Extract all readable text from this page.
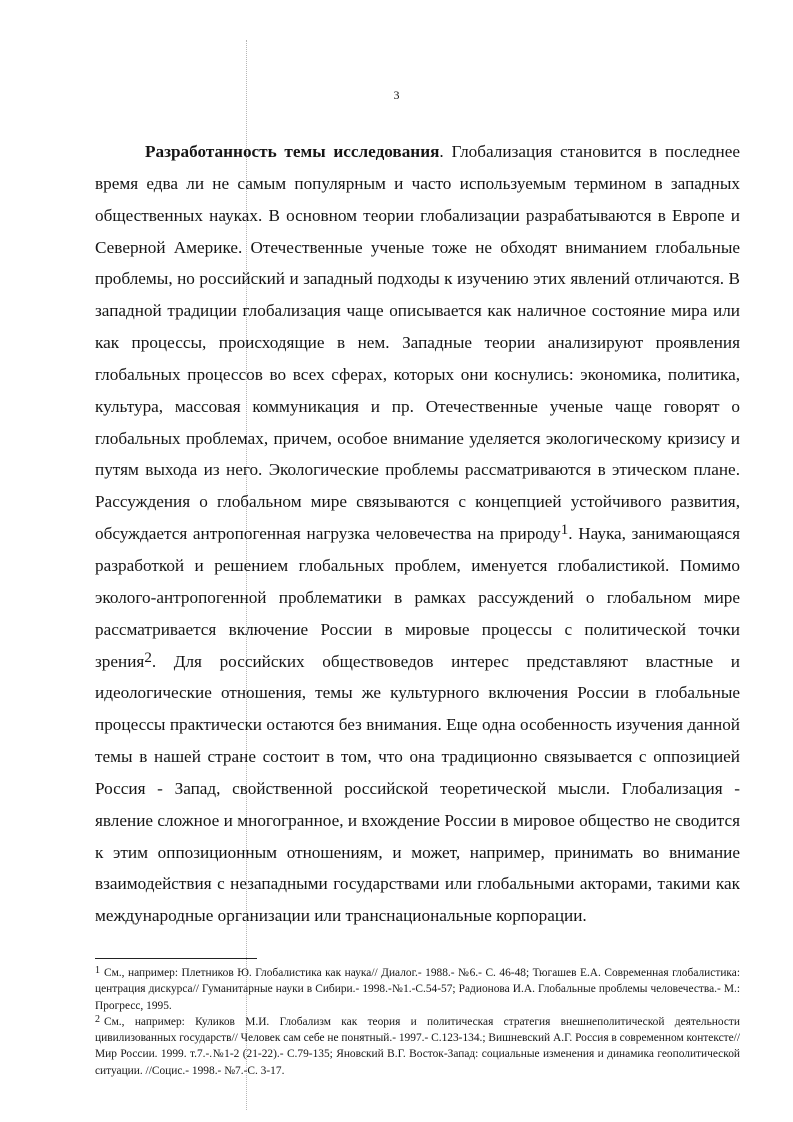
3

Разработанность темы исследования. Глобализация становится в последнее время едва ли не самым популярным и часто используемым термином в западных общественных науках. В основном теории глобализации разрабатываются в Европе и Северной Америке. Отечественные ученые тоже не обходят вниманием глобальные проблемы, но российский и западный подходы к изучению этих явлений отличаются. В западной традиции глобализация чаще описывается как наличное состояние мира или как процессы, происходящие в нем. Западные теории анализируют проявления глобальных процессов во всех сферах, которых они коснулись: экономика, политика, культура, массовая коммуникация и пр. Отечественные ученые чаще говорят о глобальных проблемах, причем, особое внимание уделяется экологическому кризису и путям выхода из него. Экологические проблемы рассматриваются в этическом плане. Рассуждения о глобальном мире связываются с концепцией устойчивого развития, обсуждается антропогенная нагрузка человечества на природу$^1$. Наука, занимающаяся разработкой и решением глобальных проблем, именуется глобалистикой. Помимо эколого-антропогенной проблематики в рамках рассуждений о глобальном мире рассматривается включение России в мировые процессы с политической точки зрения$^2$. Для российских обществоведов интерес представляют властные и идеологические отношения, темы же культурного включения России в глобальные процессы практически остаются без внимания. Еще одна особенность изучения данной темы в нашей стране состоит в том, что она традиционно связывается с оппозицией Россия - Запад, свойственной российской теоретической мысли. Глобализация - явление сложное и многогранное, и вхождение России в мировое общество не сводится к этим оппозиционным отношениям, и может, например, принимать во внимание взаимодействия с незападными государствами или глобальными акторами, такими как международные организации или транснациональные корпорации.

$^1$ См., например: Плетников Ю. Глобалистика как наука// Диалог.- 1988.- №6.- С. 46-48; Тюгашев Е.А. Современная глобалистика: центрация дискурса// Гуманитарные науки в Сибири.- 1998.-№1.-С.54-57; Радионова И.А. Глобальные проблемы человечества.- М.: Прогресс, 1995.

$^2$ См., например: Куликов М.И. Глобализм как теория и политическая стратегия внешнеполитической деятельности цивилизованных государств// Человек сам себе не понятный.- 1997.- С.123-134.; Вишневский А.Г. Россия в современном контексте//Мир России. 1999. т.7.-.№1-2 (21-22).- С.79-135; Яновский В.Г. Восток-Запад: социальные изменения и динамика геополитической ситуации. //Социс.- 1998.- №7.-С. 3-17.
